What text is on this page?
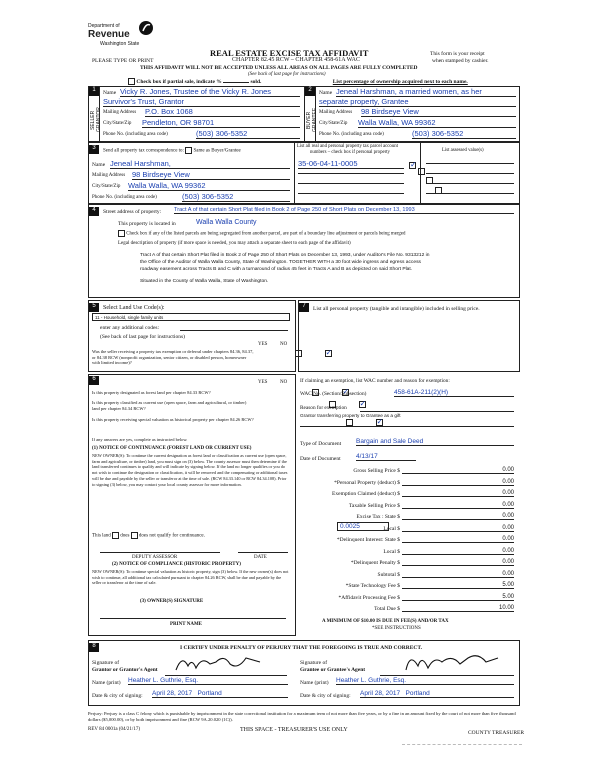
Department of
Revenue
Washington State
REAL ESTATE EXCISE TAX AFFIDAVIT
CHAPTER 82.45 RCW – CHAPTER 458-61A WAC
PLEASE TYPE OR PRINT
THIS AFFIDAVIT WILL NOT BE ACCEPTED UNLESS ALL AREAS ON ALL PAGES ARE FULLY COMPLETED
(See back of last page for instructions)
This form is your receipt
when stamped by cashier.
Check box if partial sale, indicate %	sold.	List percentage of ownership acquired next to each name.
1
SELLER
Name Vicky R. Jones, Trustee of the Vicky R. Jones
Survivor's Trust, Grantor
Mailing Address P.O. Box 1068
City/State/Zip Pendleton, OR 98701
Phone No. (including area code)	(503) 306-5352
2
BUYER
Name Jeneal Harshman, a married women, as her
separate property, Grantee
Mailing Address 98 Birdseye View
City/State/Zip Walla Walla, WA 99362
Phone No. (including area code)	(503) 306-5352
3
Send all property tax correspondence to: Same as Buyer/Grantee
Name Jeneal Harshman,
Mailing Address 98 Birdseye View
City/State/Zip Walla Walla, WA 99362
Phone No. (including area code)	(503) 306-5352
List all real and personal property tax parcel account
numbers – check box if personal property	List assessed value(s)
35-06-04-11-0005
✓

4	Street address of property: Tract A of that certain Short Plat filed in Book 2 of Page 250 of Short Plats on December 13, 1993
This property is located in	Walla Walla County
Check box if any of the listed parcels are being segregated from another parcel, are part of a boundary line adjustment or parcels being merged
Legal description of property (if more space is needed, you may attach a separate sheet to each page of the affidavit)
Tract A of that certain Short Plat filed in Book 2 of Page 250 of Short Plats on December 13, 1993, under Auditor's File No. 9313212 in
the Office of the Auditor of Walla Walla County, State of Washington. TOGETHER WITH a 30 foot wide ingress and egress access
roadway easement across Tracts B and C with a turnaround of radius 45 feet in Tracts A and B as depicted on said Short Plat.
Situated in the County of Walla Walla, State of Washington.
5	Select Land Use Code(s):
11 - Household, single family units
enter any additional codes:
(See back of last page for instructions)
YES	NO
Was the seller receiving a property tax exemption or deferral under chapters 84.36, 84.37, or 84.38 RCW (nonprofit organization, senior citizen, or disabled person, homeowner with limited income)?
✓
7	List all personal property (tangible and intangible) included in selling price.
6
YES	NO
Is this property designated as forest land per chapter 84.33 RCW?
✓
Is this property classified as current use (open space, farm and agricultural, or timber) land per chapter 84.34 RCW?
✓
Is this property receiving special valuation as historical property per chapter 84.26 RCW?
✓
If any answers are yes, complete as instructed below.
(1) NOTICE OF CONTINUANCE (FOREST LAND OR CURRENT USE)
NEW OWNER(S): To continue the current designation as forest land or classification as current use (open space, farm and agriculture, or timber) land, you must sign on (3) below. The county assessor must then determine if the land transferred continues to qualify and will indicate by signing below. If the land no longer qualifies or you do not wish to continue the designation or classification, it will be removed and the compensating or additional taxes will be due and payable by the seller or transferor at the time of sale. (RCW 84.33.140 or RCW 84.34.108). Prior to signing (3) below, you may contact your local county assessor for more information.
This land does does not qualify for continuance.
DEPUTY ASSESSOR	DATE
(2) NOTICE OF COMPLIANCE (HISTORIC PROPERTY)
NEW OWNER(S): To continue special valuation as historic property, sign (3) below. If the new owner(s) does not wish to continue, all additional tax calculated pursuant to chapter 84.26 RCW, shall be due and payable by the seller or transferor at the time of sale.
(3) OWNER(S) SIGNATURE
PRINT NAME
If claiming an exemption, list WAC number and reason for exemption:
WAC No. (Section/Subsection)	458-61A-211(2)(H)
Reason for exemption
Grantor transferring property to Grantee as a gift
Type of Document Bargain and Sale Deed
Date of Document 4/13/17
Gross Selling Price $	0.00
*Personal Property (deduct) $	0.00
Exemption Claimed (deduct) $	0.00
Taxable Selling Price $	0.00
Excise Tax : State $	0.00
Local $	0.00
*Delinquent Interest: State $	0.00
Local $	0.00
*Delinquent Penalty $	0.00
Subtotal $	0.00
*State Technology Fee $	5.00
*Affidavit Processing Fee $	5.00
Total Due $	10.00
0.0025
A MINIMUM OF $10.00 IS DUE IN FEE(S) AND/OR TAX
*SEE INSTRUCTIONS
8	I CERTIFY UNDER PENALTY OF PERJURY THAT THE FOREGOING IS TRUE AND CORRECT.
Signature of
Grantor or Grantor's Agent
Name (print) Heather L. Guthrie, Esq.
Date & city of signing: April 28, 2017   Portland
Signature of
Grantee or Grantee's Agent
Name (print) Heather L. Guthrie, Esq.
Date & city of signing: April 28, 2017   Portland
Perjury: Perjury is a class C felony which is punishable by imprisonment in the state correctional institution for a maximum term of not more than five years, or by a fine in an amount fixed by the court of not more than five thousand dollars ($5,000.00), or by both imprisonment and fine (RCW 9A.20.020 (1C)).
REV 84 0001a (04/21/17)	THIS SPACE - TREASURER'S USE ONLY	COUNTY TREASURER
